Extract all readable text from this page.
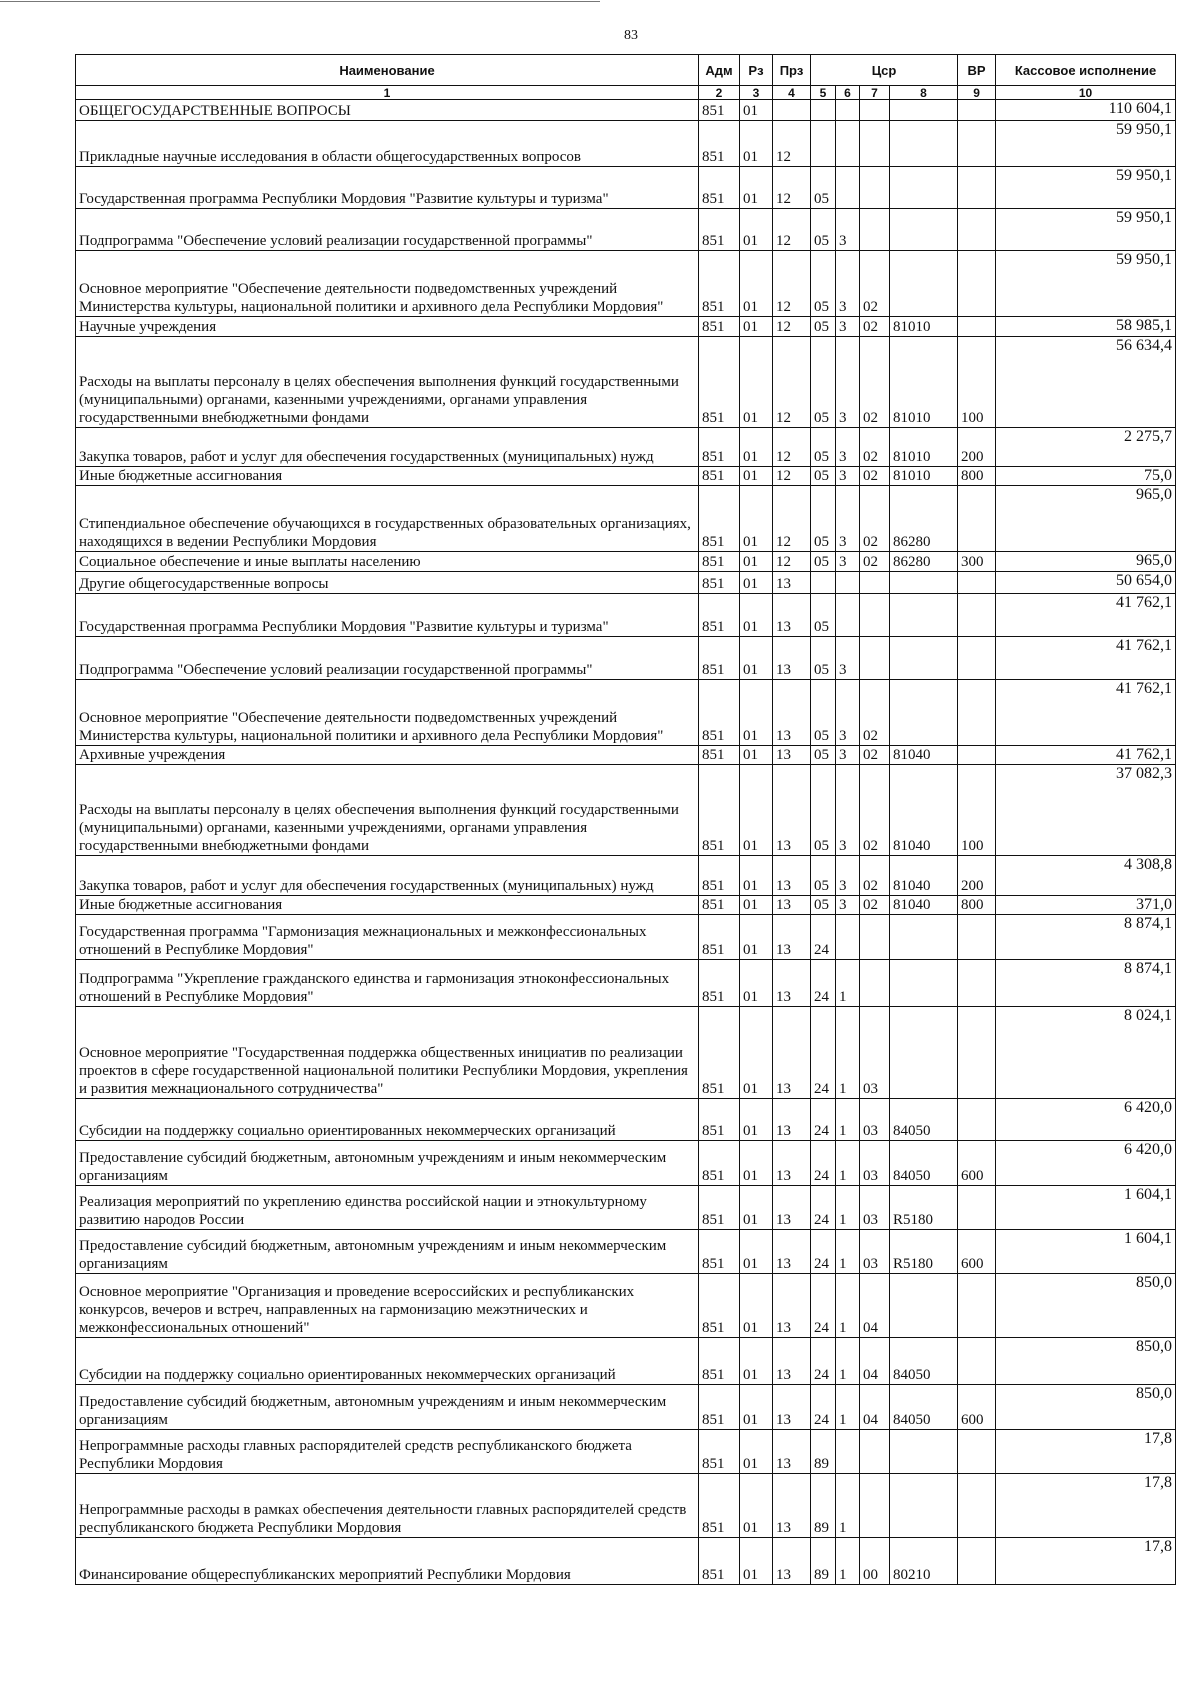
83
Наименование	Адм	Рз	Прз	Цср				ВР	Кассовое исполнение
1	2	3	4	5	6	7	8	9	10
ОБЩЕГОСУДАРСТВЕННЫЕ ВОПРОСЫ	851	01							110 604,1
Прикладные научные исследования в области общегосударственных вопросов	851	01	12						59 950,1
Государственная программа Республики Мордовия "Развитие культуры и туризма"	851	01	12	05					59 950,1
Подпрограмма "Обеспечение условий реализации государственной программы"	851	01	12	05	3				59 950,1
Основное мероприятие "Обеспечение деятельности подведомственных учреждений Министерства культуры, национальной политики и архивного дела Республики Мордовия"	851	01	12	05	3	02			59 950,1
Научные учреждения	851	01	12	05	3	02	81010		58 985,1
Расходы на выплаты персоналу в целях обеспечения выполнения функций государственными (муниципальными) органами, казенными учреждениями, органами управления государственными внебюджетными фондами	851	01	12	05	3	02	81010	100	56 634,4
Закупка товаров, работ и услуг для обеспечения государственных (муниципальных) нужд	851	01	12	05	3	02	81010	200	2 275,7
Иные бюджетные ассигнования	851	01	12	05	3	02	81010	800	75,0
Стипендиальное обеспечение обучающихся в государственных образовательных организациях, находящихся в ведении Республики Мордовия	851	01	12	05	3	02	86280		965,0
Социальное обеспечение и иные выплаты населению	851	01	12	05	3	02	86280	300	965,0
Другие общегосударственные вопросы	851	01	13						50 654,0
Государственная программа Республики Мордовия "Развитие культуры и туризма"	851	01	13	05					41 762,1
Подпрограмма "Обеспечение условий реализации государственной программы"	851	01	13	05	3				41 762,1
Основное мероприятие "Обеспечение деятельности подведомственных учреждений Министерства культуры, национальной политики и архивного дела Республики Мордовия"	851	01	13	05	3	02			41 762,1
Архивные учреждения	851	01	13	05	3	02	81040		41 762,1
Расходы на выплаты персоналу в целях обеспечения выполнения функций государственными (муниципальными) органами, казенными учреждениями, органами управления государственными внебюджетными фондами	851	01	13	05	3	02	81040	100	37 082,3
Закупка товаров, работ и услуг для обеспечения государственных (муниципальных) нужд	851	01	13	05	3	02	81040	200	4 308,8
Иные бюджетные ассигнования	851	01	13	05	3	02	81040	800	371,0
Государственная программа "Гармонизация межнациональных и межконфессиональных отношений в Республике Мордовия"	851	01	13	24					8 874,1
Подпрограмма "Укрепление гражданского единства и гармонизация этноконфессиональных отношений в Республике Мордовия"	851	01	13	24	1				8 874,1
Основное мероприятие "Государственная поддержка общественных инициатив по реализации проектов в сфере государственной национальной политики Республики Мордовия, укрепления и развития межнационального сотрудничества"	851	01	13	24	1	03			8 024,1
Субсидии на поддержку социально ориентированных некоммерческих организаций	851	01	13	24	1	03	84050		6 420,0
Предоставление субсидий бюджетным, автономным учреждениям и иным некоммерческим организациям	851	01	13	24	1	03	84050	600	6 420,0
Реализация мероприятий по укреплению единства российской нации и этнокультурному развитию народов России	851	01	13	24	1	03	R5180		1 604,1
Предоставление субсидий бюджетным, автономным учреждениям и иным некоммерческим организациям	851	01	13	24	1	03	R5180	600	1 604,1
Основное мероприятие "Организация и проведение всероссийских и республиканских конкурсов, вечеров и встреч, направленных на гармонизацию межэтнических и межконфессиональных отношений"	851	01	13	24	1	04			850,0
Субсидии на поддержку социально ориентированных некоммерческих организаций	851	01	13	24	1	04	84050		850,0
Предоставление субсидий бюджетным, автономным учреждениям и иным некоммерческим организациям	851	01	13	24	1	04	84050	600	850,0
Непрограммные расходы главных распорядителей средств республиканского бюджета Республики Мордовия	851	01	13	89					17,8
Непрограммные расходы в рамках обеспечения деятельности главных распорядителей средств республиканского бюджета Республики Мордовия	851	01	13	89	1				17,8
Финансирование общереспубликанских мероприятий Республики Мордовия	851	01	13	89	1	00	80210		17,8
